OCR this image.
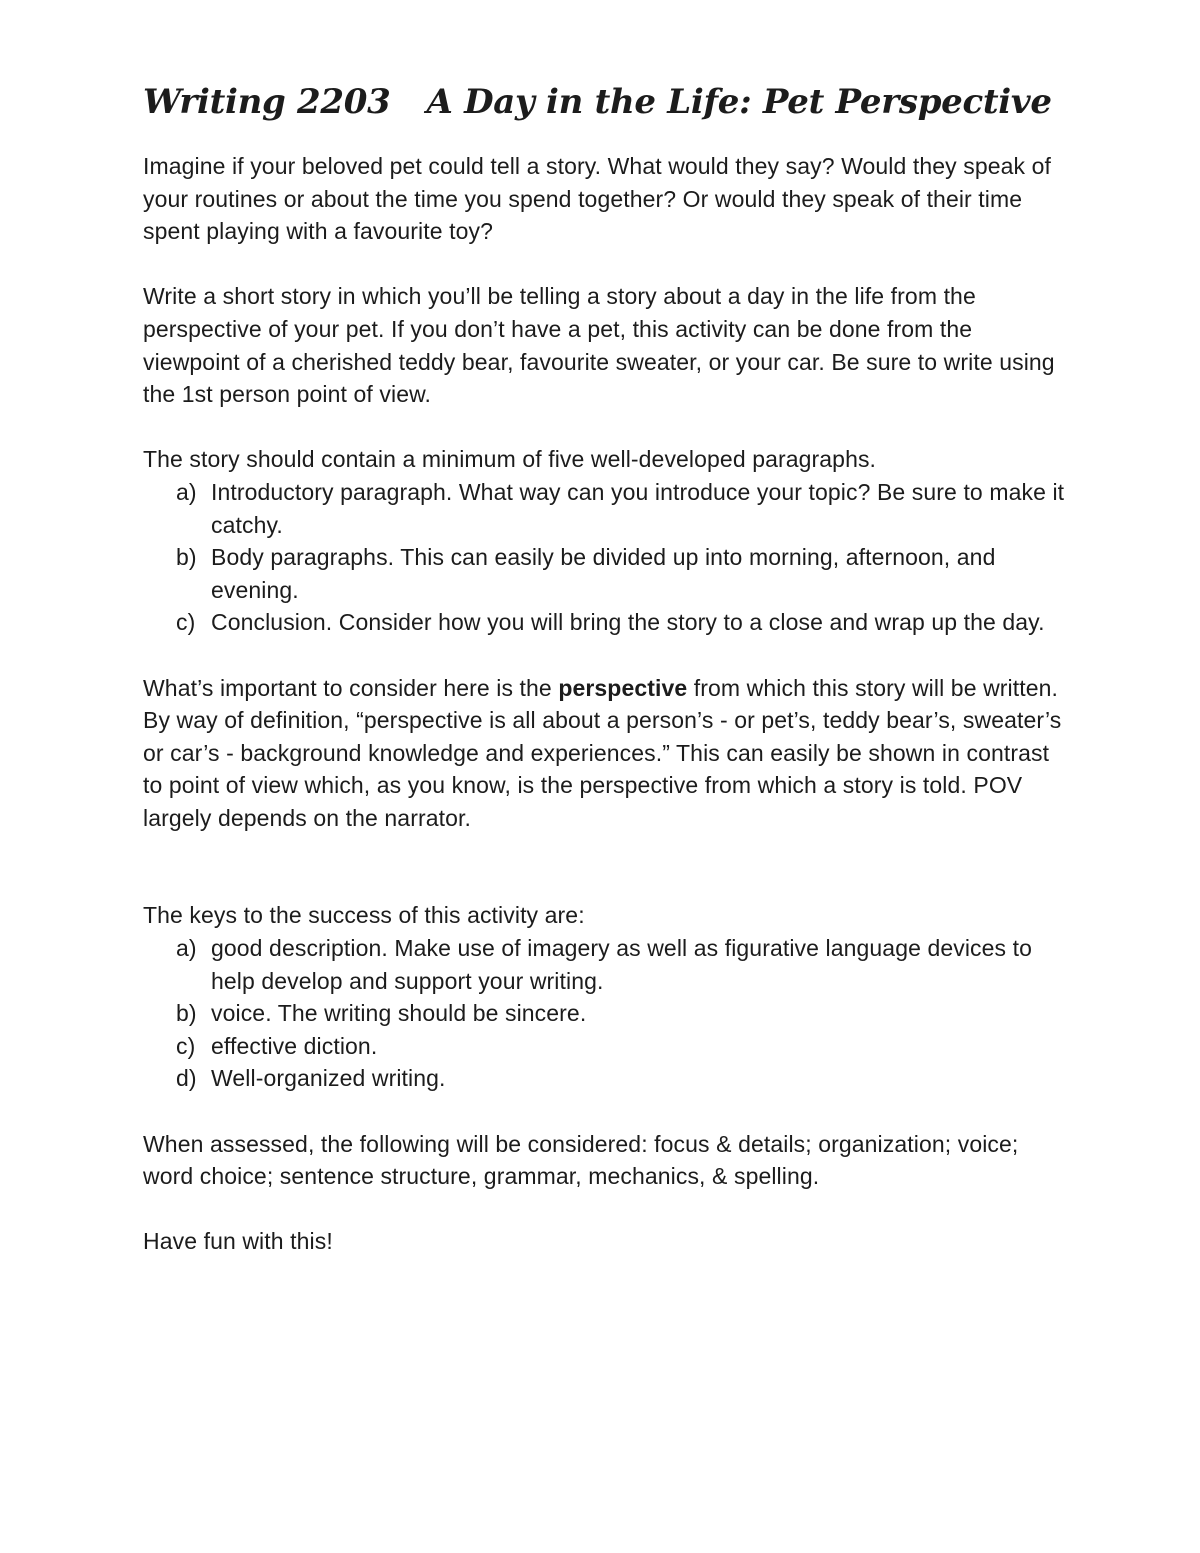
Writing 2203 A Day in the Life: Pet Perspective

Imagine if your beloved pet could tell a story. What would they say? Would they speak of your routines or about the time you spend together? Or would they speak of their time spent playing with a favourite toy?

Write a short story in which you’ll be telling a story about a day in the life from the perspective of your pet. If you don’t have a pet, this activity can be done from the viewpoint of a cherished teddy bear, favourite sweater, or your car. Be sure to write using the 1st person point of view.

The story should contain a minimum of five well-developed paragraphs.

a) Introductory paragraph. What way can you introduce your topic? Be sure to make it catchy.
b) Body paragraphs. This can easily be divided up into morning, afternoon, and evening.
c) Conclusion. Consider how you will bring the story to a close and wrap up the day.

What’s important to consider here is the perspective from which this story will be written. By way of definition, “perspective is all about a person’s - or pet’s, teddy bear’s, sweater’s or car’s - background knowledge and experiences.” This can easily be shown in contrast to point of view which, as you know, is the perspective from which a story is told. POV largely depends on the narrator.

The keys to the success of this activity are:

a) good description. Make use of imagery as well as figurative language devices to help develop and support your writing.
b) voice. The writing should be sincere.
c) effective diction.
d) Well-organized writing.

When assessed, the following will be considered: focus & details; organization; voice; word choice; sentence structure, grammar, mechanics, & spelling.

Have fun with this!
